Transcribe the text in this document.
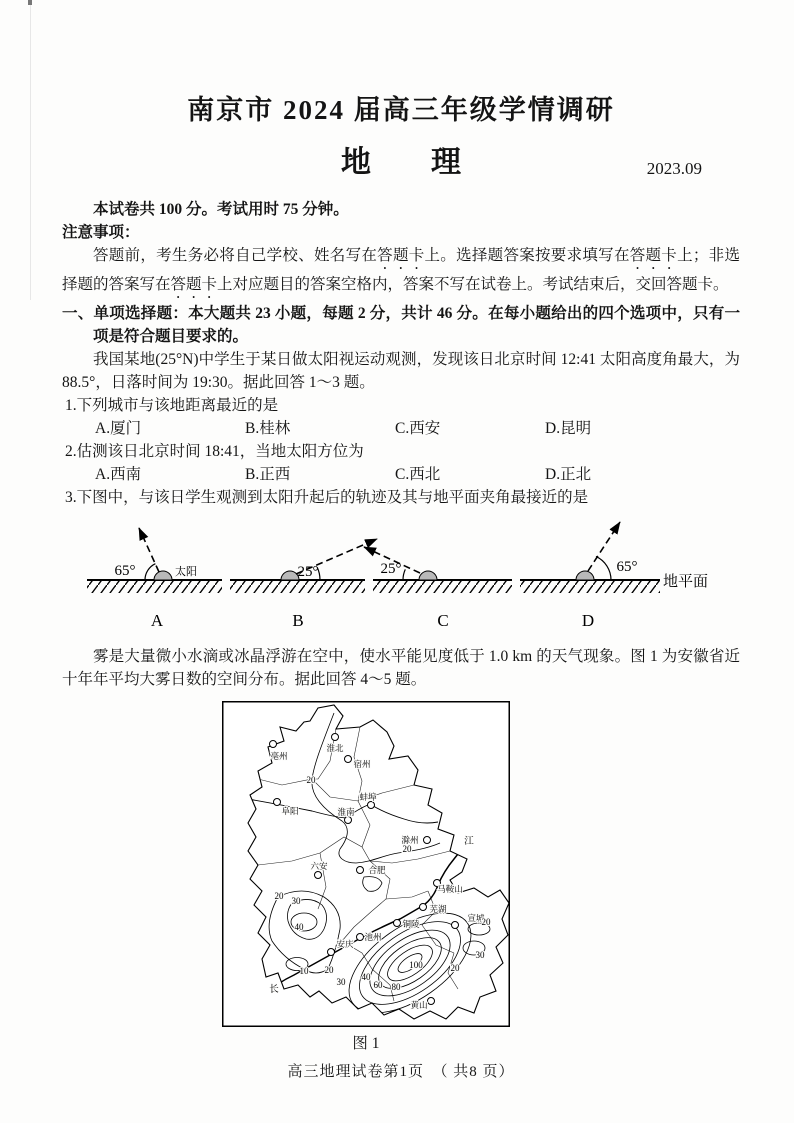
南京市 2024 届高三年级学情调研
地　　理	2023.09

本试卷共 100 分。考试用时 75 分钟。

注意事项：

答题前，考生务必将自己学校、姓名写在答题卡上。选择题答案按要求填写在答题卡上；非选择题的答案写在答题卡上对应题目的答案空格内，答案不写在试卷上。考试结束后，交回答题卡。

一、单项选择题：本大题共 23 小题，每题 2 分，共计 46 分。在每小题给出的四个选项中，只有一项是符合题目要求的。

我国某地(25°N)中学生于某日做太阳视运动观测，发现该日北京时间 12:41 太阳高度角最大，为 88.5°，日落时间为 19:30。据此回答 1～3 题。

1.下列城市与该地距离最近的是

A.厦门	B.桂林	C.西安	D.昆明

2.估测该日北京时间 18:41，当地太阳方位为

A.西南	B.正西	C.西北	D.正北

3.下图中，与该日学生观测到太阳升起后的轨迹及其与地平面夹角最接近的是

65°	太阳
A
25°
B
25°
C
65°
D
地平面

雾是大量微小水滴或冰晶浮游在空中，使水平能见度低于 1.0 km 的天气现象。图 1 为安徽省近十年年平均大雾日数的空间分布。据此回答 4～5 题。

亳州
淮北
宿州
阜阳
蚌埠
淮南
滁州
六安	合肥
马鞍山
芜湖
铜陵
宣城
池州
安庆
黄山
20
20
20 30
40
10 20
30 40
60 80
100	20
30
20
长
江
图 1
高三地理试卷第1页　（ 共8 页）
